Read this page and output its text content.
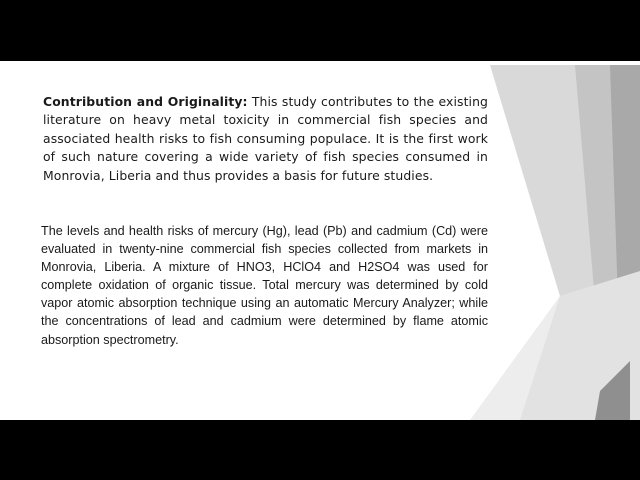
Contribution and Originality: This study contributes to the existing literature on heavy metal toxicity in commercial fish species and associated health risks to fish consuming populace. It is the first work of such nature covering a wide variety of fish species consumed in Monrovia, Liberia and thus provides a basis for future studies.

The levels and health risks of mercury (Hg), lead (Pb) and cadmium (Cd) were evaluated in twenty-nine commercial fish species collected from markets in Monrovia, Liberia. A mixture of HNO3, HClO4 and H2SO4 was used for complete oxidation of organic tissue. Total mercury was determined by cold vapor atomic absorption technique using an automatic Mercury Analyzer; while the concentrations of lead and cadmium were determined by flame atomic absorption spectrometry.
